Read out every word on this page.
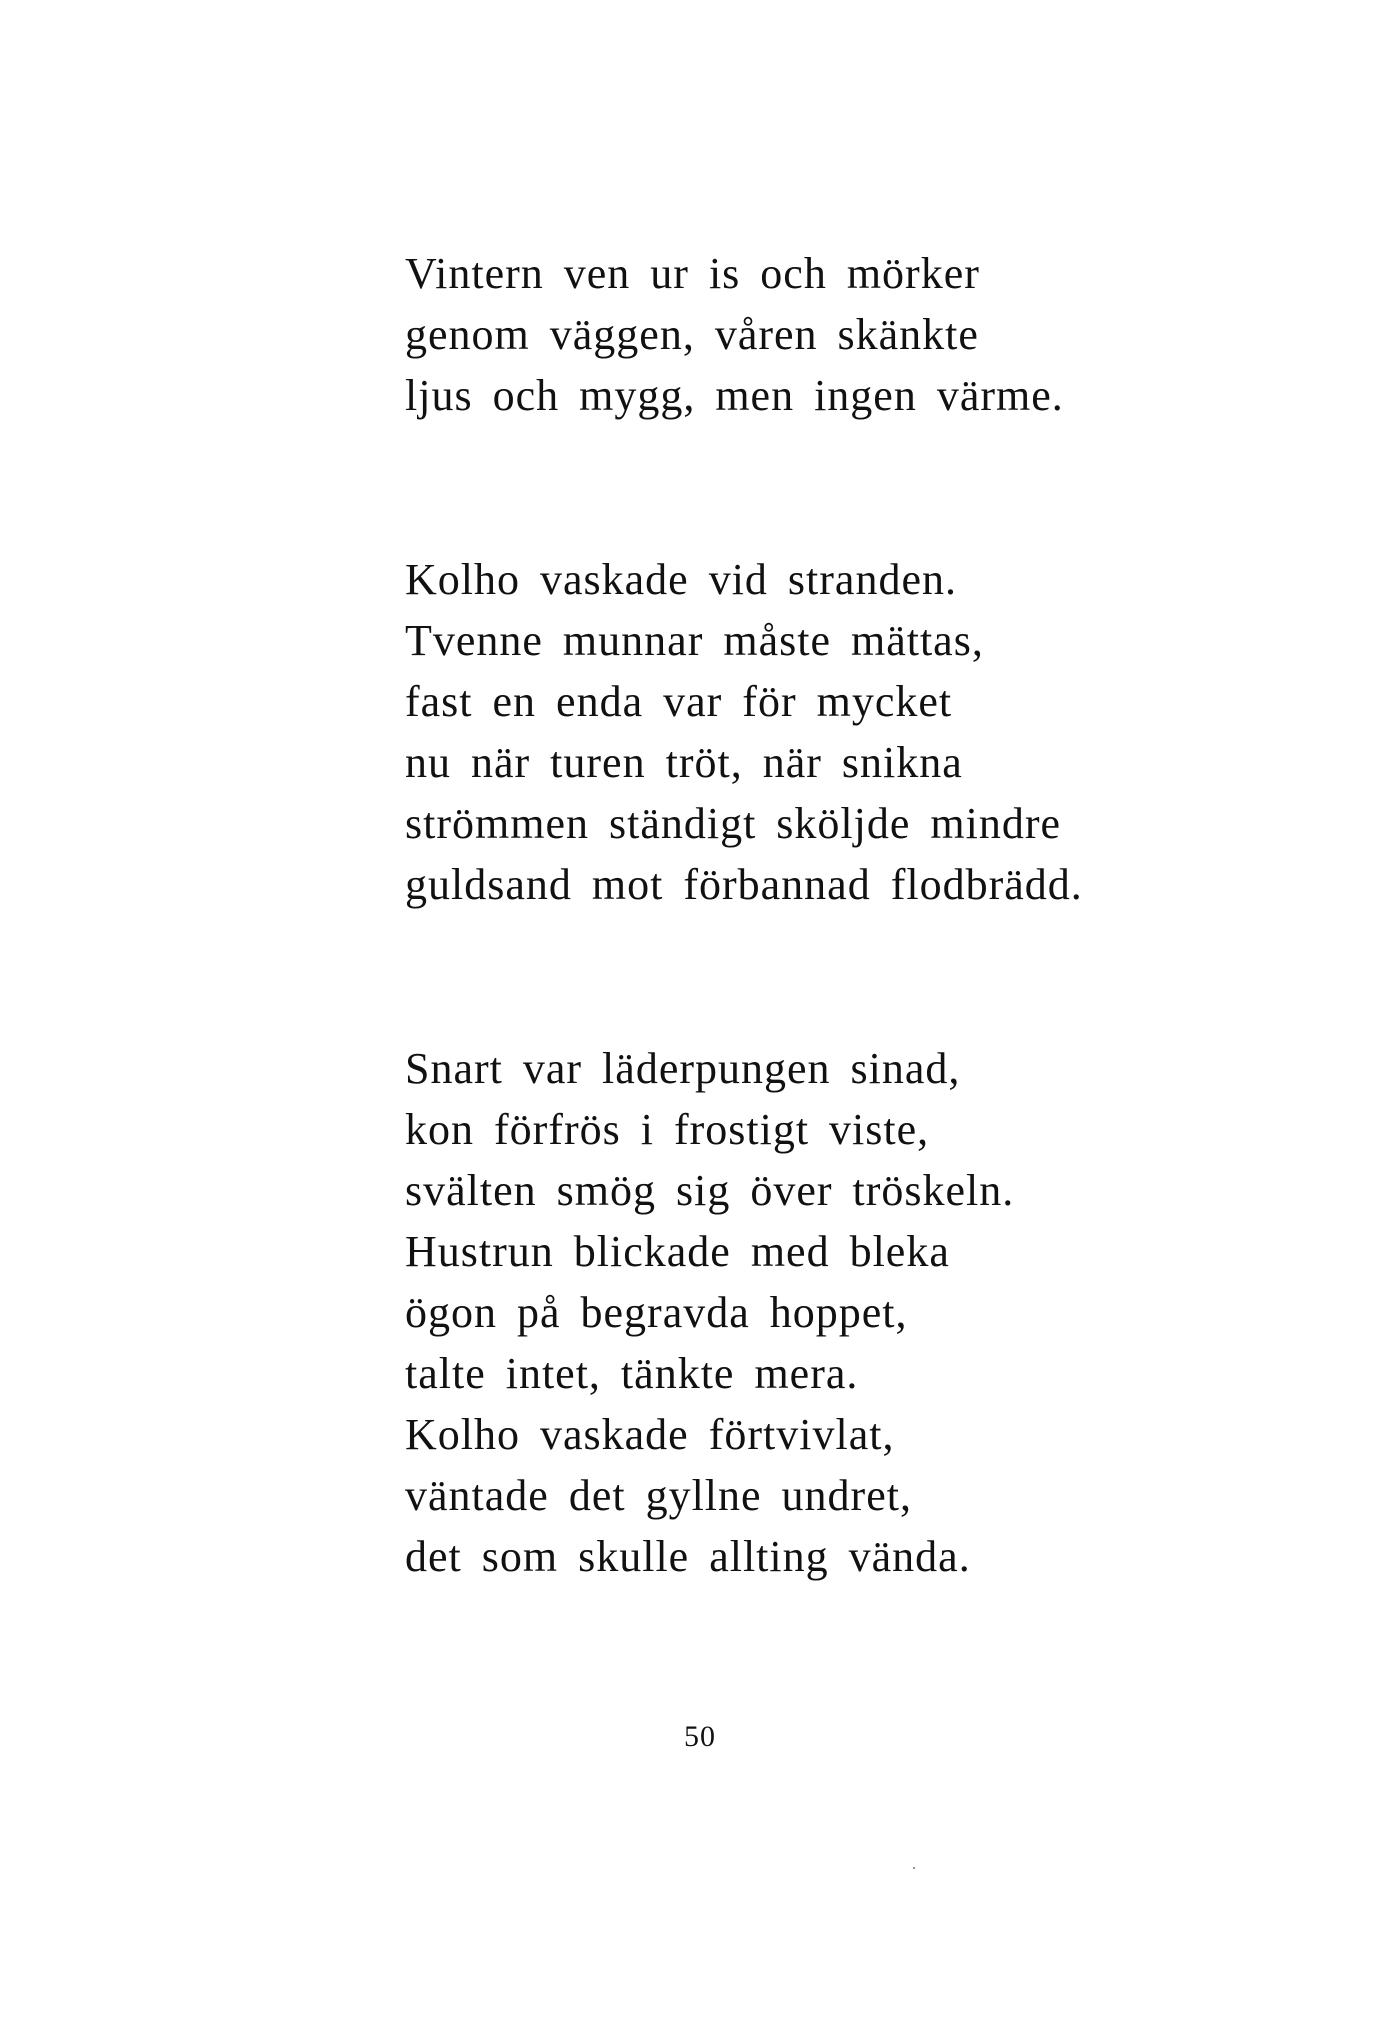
Vintern ven ur is och mörker
genom väggen, våren skänkte
ljus och mygg, men ingen värme.
Kolho vaskade vid stranden.
Tvenne munnar måste mättas,
fast en enda var för mycket
nu när turen tröt, när snikna
strömmen ständigt sköljde mindre
guldsand mot förbannad flodbrädd.
Snart var läderpungen sinad,
kon förfrös i frostigt viste,
svälten smög sig över tröskeln.
Hustrun blickade med bleka
ögon på begravda hoppet,
talte intet, tänkte mera.
Kolho vaskade förtvivlat,
väntade det gyllne undret,
det som skulle allting vända.
50
